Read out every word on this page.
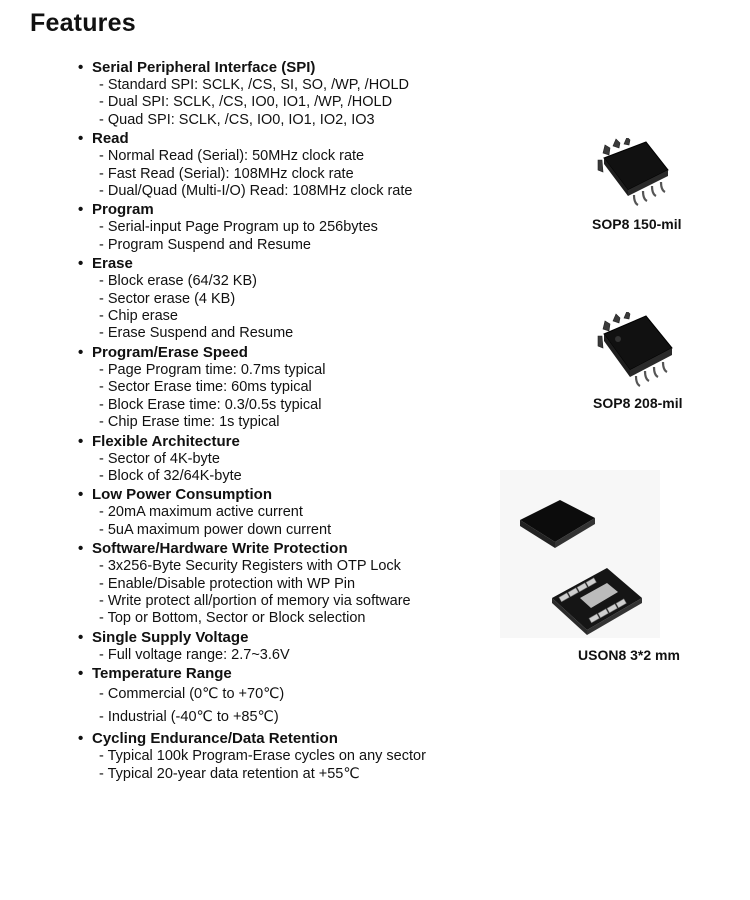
Features
• Serial Peripheral Interface (SPI)
- Standard SPI: SCLK, /CS, SI, SO, /WP, /HOLD
- Dual SPI: SCLK, /CS, IO0, IO1, /WP, /HOLD
- Quad SPI: SCLK, /CS, IO0, IO1, IO2, IO3
• Read
- Normal Read (Serial): 50MHz clock rate
- Fast Read (Serial): 108MHz clock rate
- Dual/Quad (Multi-I/O) Read: 108MHz clock rate
• Program
- Serial-input Page Program up to 256bytes
- Program Suspend and Resume
• Erase
- Block erase (64/32 KB)
- Sector erase (4 KB)
- Chip erase
- Erase Suspend and Resume
• Program/Erase Speed
- Page Program time: 0.7ms typical
- Sector Erase time: 60ms typical
- Block Erase time: 0.3/0.5s typical
- Chip Erase time: 1s typical
• Flexible Architecture
- Sector of 4K-byte
- Block of 32/64K-byte
• Low Power Consumption
- 20mA maximum active current
- 5uA maximum power down current
• Software/Hardware Write Protection
- 3x256-Byte Security Registers with OTP Lock
- Enable/Disable protection with WP Pin
- Write protect all/portion of memory via software
- Top or Bottom, Sector or Block selection
• Single Supply Voltage
- Full voltage range: 2.7~3.6V
• Temperature Range
- Commercial (0℃ to +70℃)
- Industrial (-40℃ to +85℃)
• Cycling Endurance/Data Retention
- Typical 100k Program-Erase cycles on any sector
- Typical 20-year data retention at +55℃
SOP8 150-mil
SOP8 208-mil
USON8 3*2 mm
